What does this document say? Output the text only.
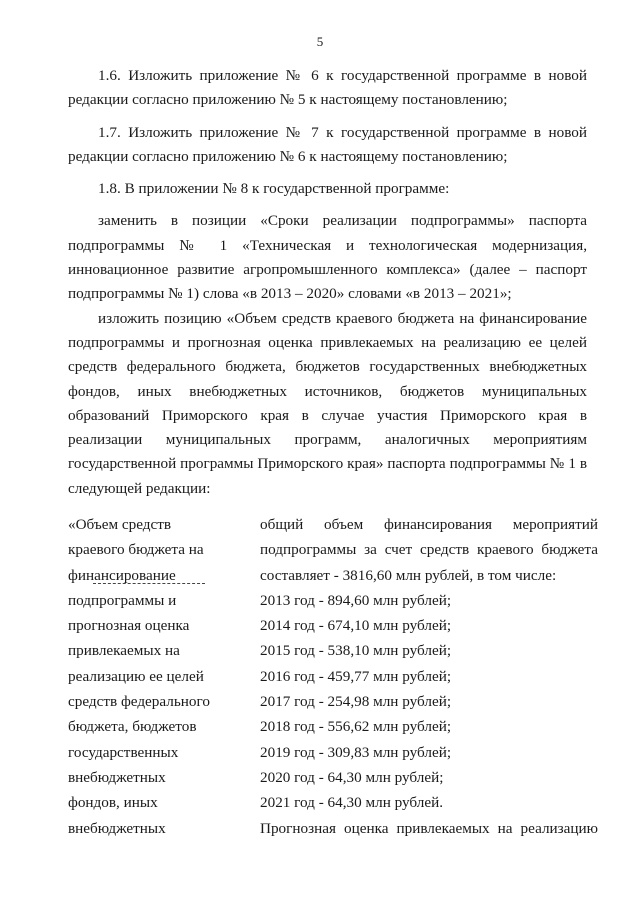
5

1.6. Изложить приложение № 6 к государственной программе в новой редакции согласно приложению № 5 к настоящему постановлению;

1.7. Изложить приложение № 7 к государственной программе в новой редакции согласно приложению № 6 к настоящему постановлению;

1.8. В приложении № 8 к государственной программе:

заменить в позиции «Сроки реализации подпрограммы» паспорта подпрограммы № 1 «Техническая и технологическая модернизация, инновационное развитие агропромышленного комплекса» (далее – паспорт подпрограммы № 1) слова «в 2013 – 2020» словами «в 2013 – 2021»;

изложить позицию «Объем средств краевого бюджета на финансирование подпрограммы и прогнозная оценка привлекаемых на реализацию ее целей средств федерального бюджета, бюджетов государственных внебюджетных фондов, иных внебюджетных источников, бюджетов муниципальных образований Приморского края в случае участия Приморского края в реализации муниципальных программ, аналогичных мероприятиям государственной программы Приморского края» паспорта подпрограммы № 1 в следующей редакции:

«Объем средств	общий объем финансирования мероприятий
краевого бюджета на	подпрограммы за счет средств краевого бюджета
финансирование	составляет - 3816,60 млн рублей, в том числе:
подпрограммы и	2013 год - 894,60 млн рублей;
прогнозная оценка	2014 год - 674,10 млн рублей;
привлекаемых на	2015 год - 538,10 млн рублей;
реализацию ее целей	2016 год - 459,77 млн рублей;
средств федерального	2017 год - 254,98 млн рублей;
бюджета, бюджетов	2018 год - 556,62 млн рублей;
государственных	2019 год - 309,83 млн рублей;
внебюджетных	2020 год - 64,30 млн рублей;
фондов, иных	2021 год - 64,30 млн рублей.
внебюджетных	Прогнозная оценка привлекаемых на реализацию
